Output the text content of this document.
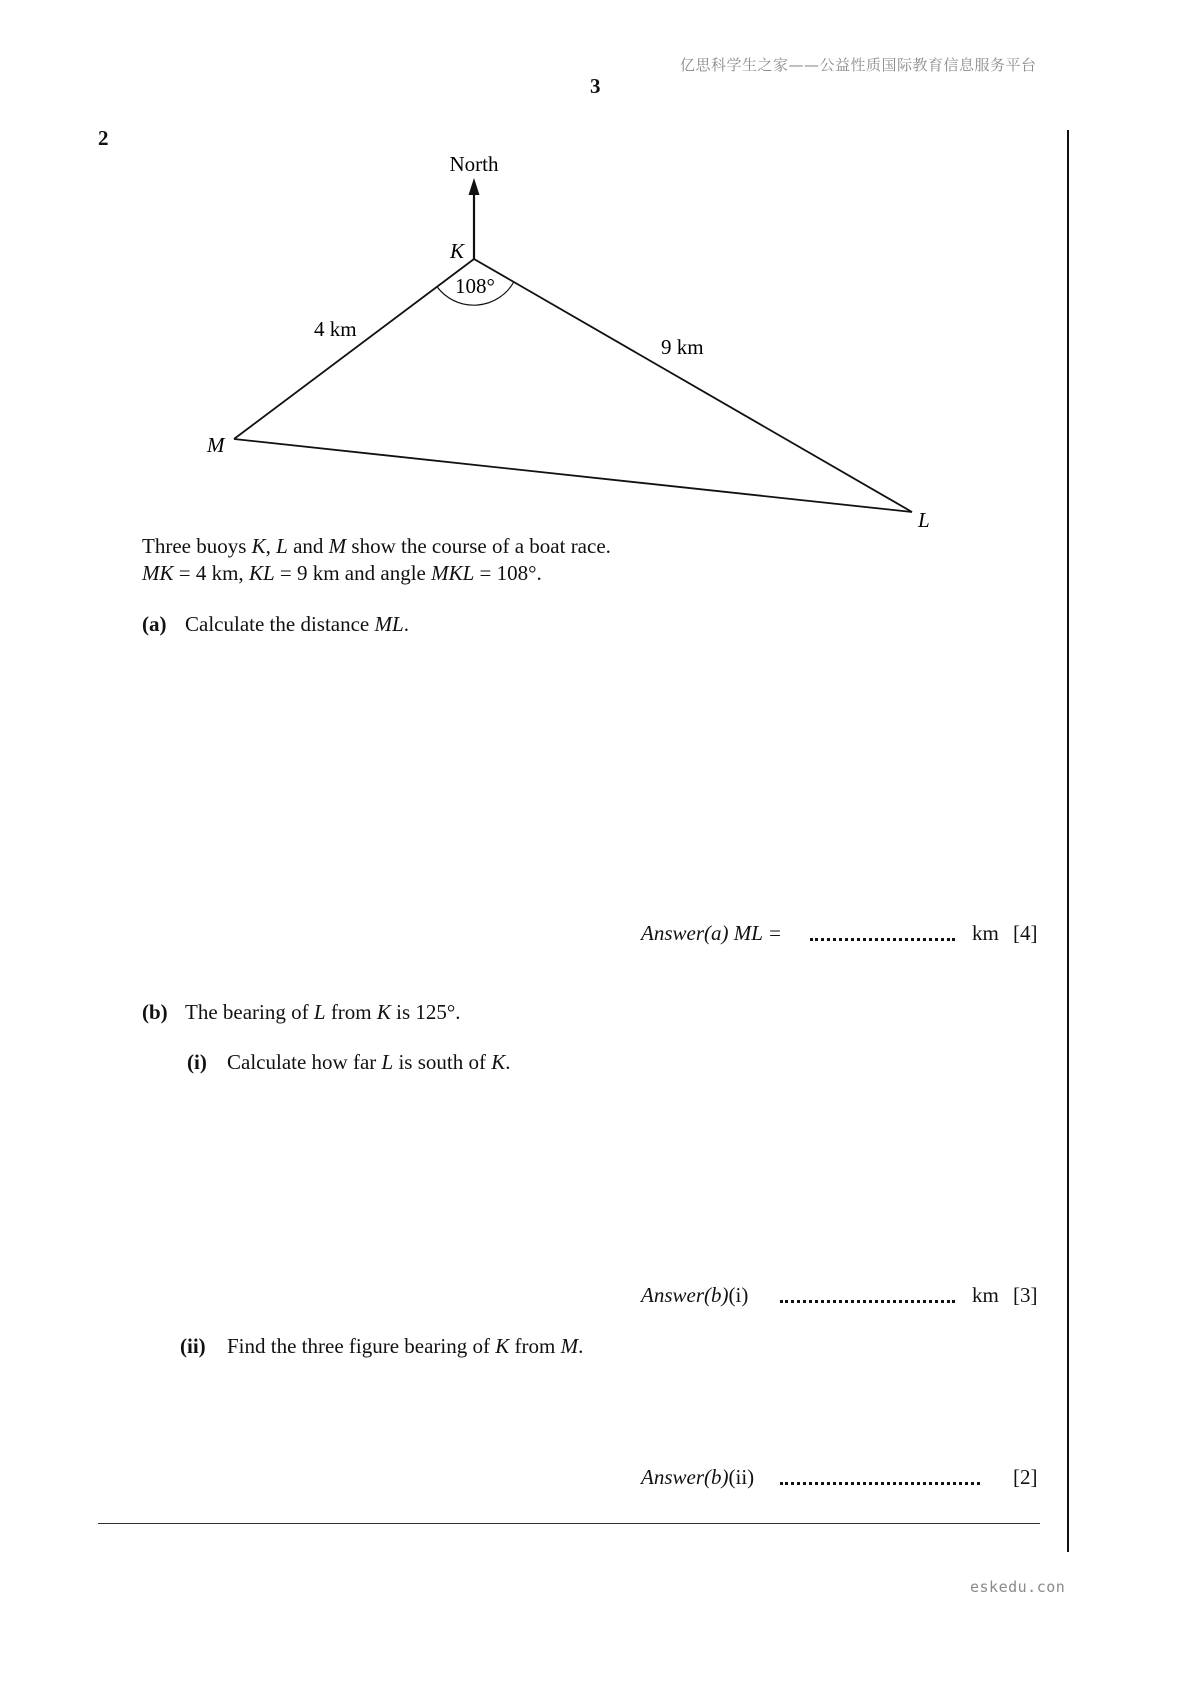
亿思科学生之家——公益性质国际教育信息服务平台
eskedu.con
3
2
North
108°
K
M
L
4 km
9 km
Three buoys K, L and M show the course of a boat race.
MK = 4 km, KL = 9 km and angle MKL = 108°.
(a) Calculate the distance ML.
Answer(a) ML =	km [4]
(b) The bearing of L from K is 125°.
(i) Calculate how far L is south of K.
Answer(b)(i)	km [3]
(ii) Find the three figure bearing of K from M.
Answer(b)(ii)	[2]
